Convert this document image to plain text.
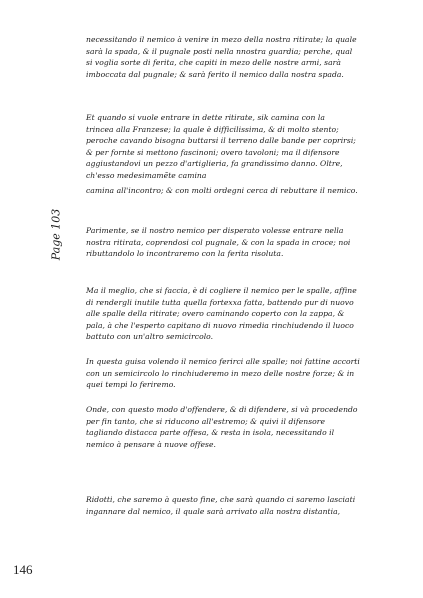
necessitando il nemico à venire in mezo della nostra ritirate; la quale

sarà la spada, & il pugnale posti nella nnostra guardia; perche, qual

si voglia sorte di ferita, che capiti in mezo delle nostre armi, sarà

imboccata dal pugnale; & sarà ferito il nemico dalla nostra spada.

Et quando si vuole entrare in dette ritirate, sik camina con la

trincea alla Franzese; la quale è difficilissima, & di molto stento;

peroche cavando bisogna buttarsi il terreno dalle bande per coprirsi;

& per fornte si mettono fascinoni; overo tavoloni; ma il difensore

aggiustandovi un pezzo d'artiglieria, fa grandissimo danno. Oltre,

ch'esso medesimamẽte camina

camina all'incontro; & con molti ordegni cerca di rebuttare il nemico.

Parimente, se il nostro nemico per disperato volesse entrare nella

nostra ritirata, coprendosi col pugnale, & con la spada in croce; noi

ributtandolo lo incontraremo con la ferita risoluta.

Ma il meglio, che si faccia, è di cogliere il nemico per le spalle, affine

di rendergli inutile tutta quella fortexxa fatta, battendo pur di nuovo

alle spalle della ritirate; overo caminando coperto con la zappa, &

pala, à che l'esperto capitano di nuovo rimedia rinchiudendo il luoco

battuto con un'altro semicircolo.

In questa guisa volendo il nemico ferirci alle spalle; noi fattine accorti

con un semicircolo lo rinchiuderemo in mezo delle nostre forze; & in

quei tempi lo feriremo.

Onde, con questo modo d'offendere, & di difendere, si và procedendo

per fin tanto, che si riducono all'estremo; & quivi il difensore

tagliando distacca parte offesa, & resta in isola, necessitando il

nemico à pensare à nuove offese.

Ridotti, che saremo à questo fine, che sarà quando ci saremo lasciati

ingannare dal nemico, il quale sarà arrivato alla nostra distantia,

Page 103
146
